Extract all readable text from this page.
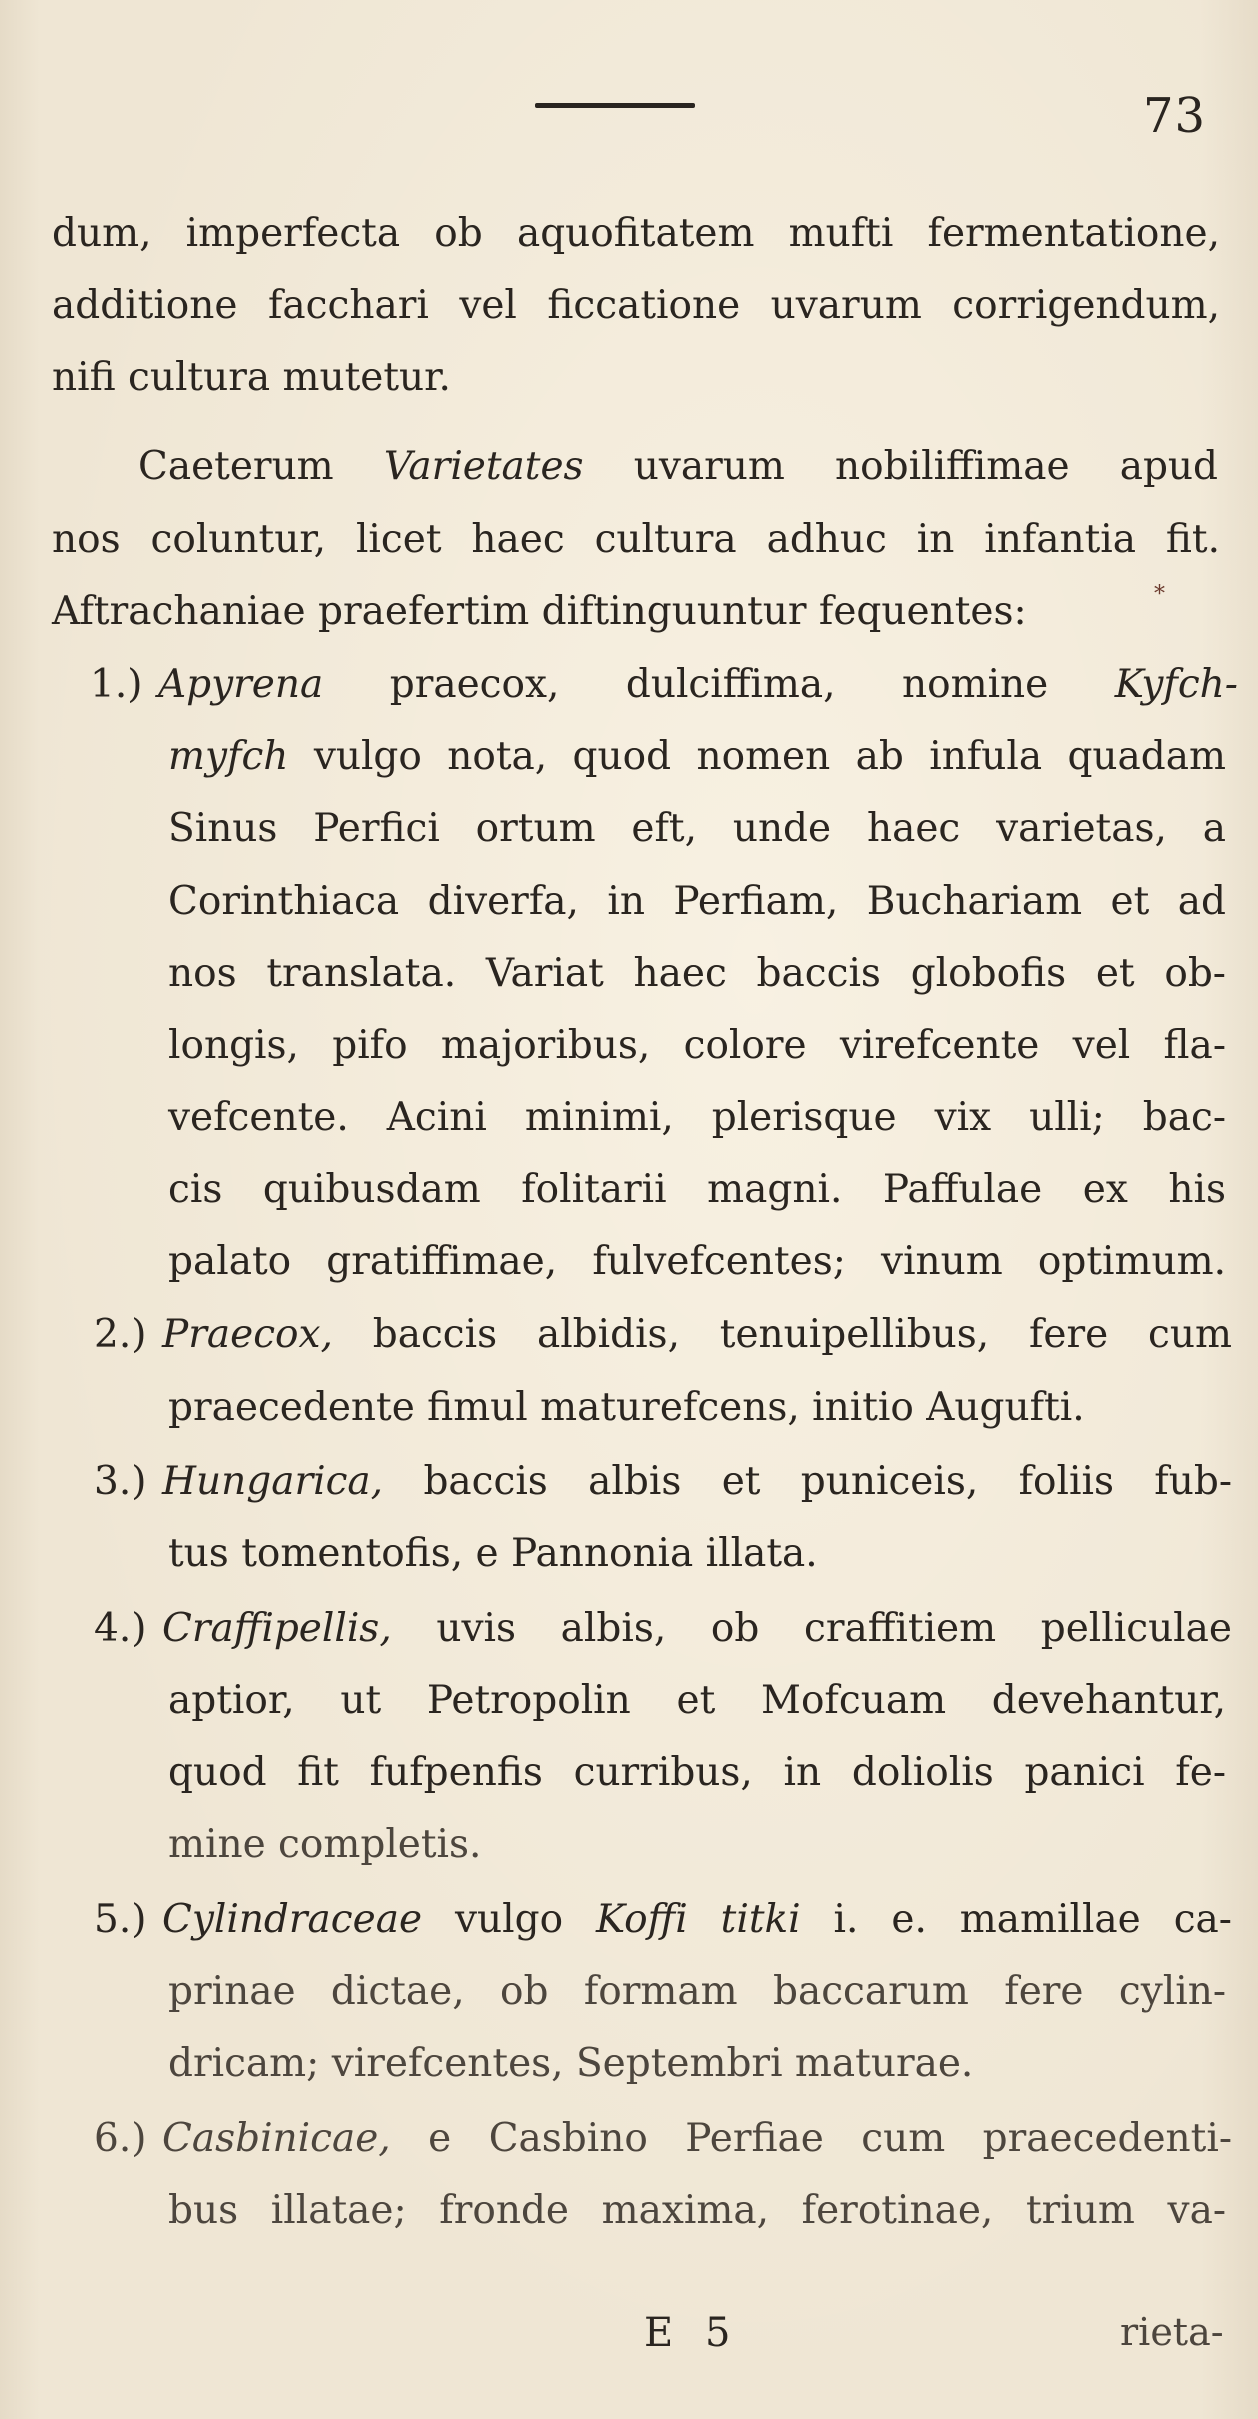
73
dum, imperfecta ob aquofitatem mufti fermentatione,
additione facchari vel ficcatione uvarum corrigendum,
nifi cultura mutetur.
Caeterum Varietates uvarum nobiliffimae apud
nos coluntur, licet haec cultura adhuc in infantia fit.
Aftrachaniae praefertim diftinguuntur fequentes:	*
1.) Apyrena praecox, dulciffima, nomine Kyfch-
myfch vulgo nota, quod nomen ab infula quadam
Sinus Perfici ortum eft, unde haec varietas, a
Corinthiaca diverfa, in Perfiam, Buchariam et ad
nos translata. Variat haec baccis globofis et ob-
longis, pifo majoribus, colore virefcente vel fla-
vefcente. Acini minimi, plerisque vix ulli; bac-
cis quibusdam folitarii magni. Paffulae ex his
palato gratiffimae, fulvefcentes; vinum optimum.
2.) Praecox, baccis albidis, tenuipellibus, fere cum
praecedente fimul maturefcens, initio Augufti.
3.) Hungarica, baccis albis et puniceis, foliis fub-
tus tomentofis, e Pannonia illata.
4.) Craffipellis, uvis albis, ob craffitiem pelliculae
aptior, ut Petropolin et Mofcuam devehantur,
quod fit fufpenfis curribus, in doliolis panici fe-
mine completis.
5.) Cylindraceae vulgo Koffi titki i. e. mamillae ca-
prinae dictae, ob formam baccarum fere cylin-
dricam; virefcentes, Septembri maturae.
6.) Casbinicae, e Casbino Perfiae cum praecedenti-
bus illatae; fronde maxima, ferotinae, trium va-
E 5	rieta-
